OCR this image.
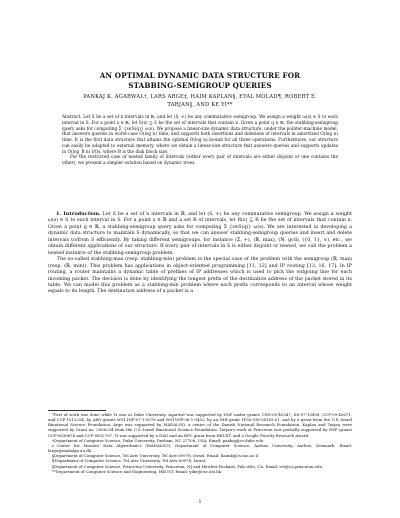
AN OPTIMAL DYNAMIC DATA STRUCTURE FOR
STABBING-SEMIGROUP QUERIES
PANKAJ K. AGARWAL†, LARS ARGE‡, HAIM KAPLAN§, EYAL MOLAD¶, ROBERT E.
TARJAN‖, AND KE YI**

Abstract. Let S be a set of n intervals in ℝ, and let (S, +) be any commutative semigroup. We assign a weight ω(s) ∈ S to each interval in S. For a point x ∈ ℝ, let S(x) ⊆ S be the set of intervals that contain x. Given a point q ∈ ℝ, the stabbing-semigroup query asks for computing Σ_{s∈S(q)} ω(s). We propose a linear-size dynamic data structure, under the pointer-machine model, that answers queries in worst-case O(log n) time, and supports both insertions and deletions of intervals in amortized O(log n) time. It is the first data structure that attains the optimal O(log n) bound for all three operations. Furthermore, our structure can easily be adapted to external memory, where we obtain a linear-size structure that answers queries and supports updates in O(log_B n) I/Os, where B is the disk block size.

For the restricted case of nested family of intervals (either every pair of intervals are either disjoint or one contains the other), we present a simpler solution based on dynamic trees.

1. Introduction. Let S be a set of n intervals in ℝ, and let (S, +) be any commutative semigroup. We assign a weight ω(s) ∈ S to each interval in S. For a point x ∈ ℝ and a set R of intervals, let R(x) ⊆ R be the set of intervals that contain x. Given a point q ∈ ℝ, a stabbing-semigroup query asks for computing Σ_{s∈S(q)} ω(s). We are interested in developing a dynamic data structure to maintain S dynamically, so that we can answer stabbing-semigroup queries and insert and delete intervals to/from S efficiently. By taking different semigroups, for instance (ℤ, +), (ℝ, max), (ℕ, gcd), ({0, 1}, ∨), etc., we obtain different applications of our structure. If every pair of intervals in S is either disjoint or nested, we call the problem a nested instance of the stabbing-semigroup problem.

The so-called stabbing-max (resp. stabbing-min) problem is the special case of the problem with the semigroup (ℝ, max) (resp. (ℝ, min)). This problem has applications in object-oriented programming [11, 12] and IP routing [13, 16, 17]. In IP routing, a router maintains a dynamic table of prefixes of IP addresses which is used to pick the outgoing line for each incoming packet. The decision is done by identifying the longest prefix of the destination address of the packet stored in its table. We can model this problem as a stabbing-min problem where each prefix corresponds to an interval whose weight equals to its length. The destination address of a packet is a

*Part of work was done while Yi was at Duke University. Agarwal was supported by NSF under grants CNS-05-40347, IIS-07-13498, CCF-09-40671, and CCF-1012254, by ARO grants W911NF-07-1-0376 and W911NF-08-1-0452, by an NIH grant 1P50-GM-08183-01, and by a grant from the U.S.-Israel Binational Science Foundation. Arge was supported by MADALGO, a center of the Danish National Research Foundation. Kaplan and Tarjan were supported by Grant no. 2006204 from the U.S.-Israel Binational Science Foundation. Tarjan's work at Princeton was partially supported by NSF grants CCF-0830676 and CCF-0832797. Yi was supported by a DAG and an RPC grant from HKUST, and a Google Faculty Research Award.

†Department of Computer Science, Duke University, Durham, NC 27708, USA. Email: pankaj@cs.duke.edu

‡Center for Massive Data Algorithmics (MADALGO), Department of Computer Science, Aarhus University, Aarhus, Denmark. Email: large@madalgo.au.dk

§Department of Computer Science, Tel Aviv University, Tel Aviv 69978, Israel. Email: haimk@cs.tau.ac.il

¶Department of Computer Science, Tel Aviv University, Tel Aviv 69978, Israel.

‖Department of Computer Science, Princeton University, Princeton, NJ and Hewlett-Packard, Palo Alto, CA. Email: ret@cs.princeton.edu

**Department of Computer Science and Engineering, HKUST. Email: yike@cse.ust.hk

1
